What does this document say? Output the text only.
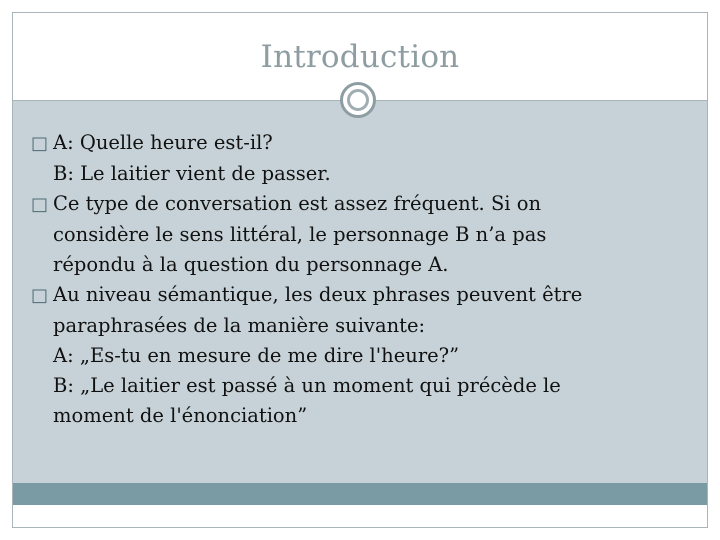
Introduction
□ A: Quelle heure est-il?
B: Le laitier vient de passer.
□ Ce type de conversation est assez fréquent. Si on
considère le sens littéral, le personnage B n’a pas
répondu à la question du personnage A.
□ Au niveau sémantique, les deux phrases peuvent être
paraphrasées de la manière suivante:
A: „Es-tu en mesure de me dire l'heure?”
B: „Le laitier est passé à un moment qui précède le
moment de l'énonciation”
